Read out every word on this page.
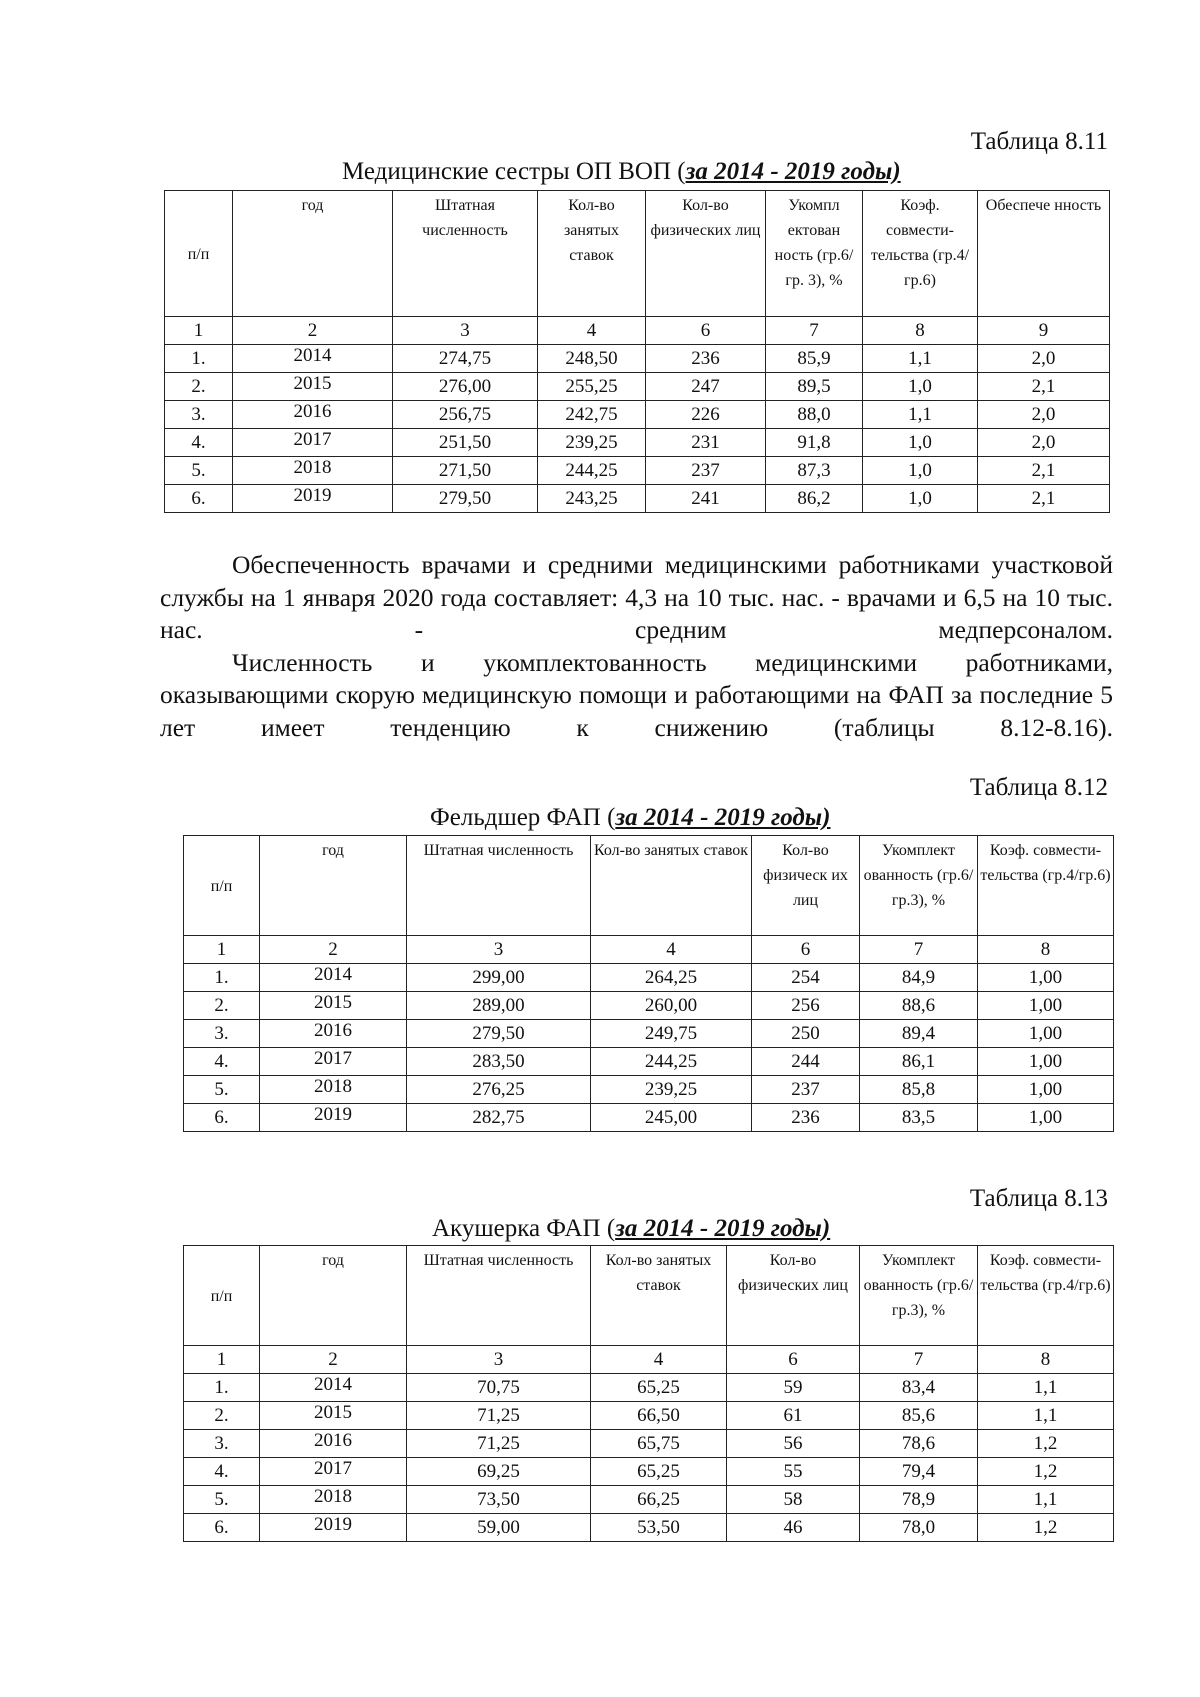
Таблица 8.11
Медицинские сестры ОП ВОП (за 2014 - 2019 годы)
п/п	год	Штатная численность	Кол-во занятых ставок	Кол-во физических лиц	Укомпл ектован ность (гр.6/гр. 3), %	Коэф. совмести-тельства (гр.4/гр.6)	Обеспече нность
1	2	3	4	6	7	8	9
1.	2014	274,75	248,50	236	85,9	1,1	2,0
2.	2015	276,00	255,25	247	89,5	1,0	2,1
3.	2016	256,75	242,75	226	88,0	1,1	2,0
4.	2017	251,50	239,25	231	91,8	1,0	2,0
5.	2018	271,50	244,25	237	87,3	1,0	2,1
6.	2019	279,50	243,25	241	86,2	1,0	2,1

Обеспеченность врачами и средними медицинскими работниками участковой службы на 1 января 2020 года составляет: 4,3 на 10 тыс. нас. - врачами и 6,5 на 10 тыс. нас. - средним медперсоналом.

Численность и укомплектованность медицинскими работниками, оказывающими скорую медицинскую помощи и работающими на ФАП за последние 5 лет имеет тенденцию к снижению (таблицы 8.12-8.16).

Таблица 8.12
Фельдшер ФАП (за 2014 - 2019 годы)
п/п	год	Штатная численность	Кол-во занятых ставок	Кол-во физическ их лиц	Укомплект ованность (гр.6/гр.3), %	Коэф. совмести-тельства (гр.4/гр.6)
1	2	3	4	6	7	8
1.	2014	299,00	264,25	254	84,9	1,00
2.	2015	289,00	260,00	256	88,6	1,00
3.	2016	279,50	249,75	250	89,4	1,00
4.	2017	283,50	244,25	244	86,1	1,00
5.	2018	276,25	239,25	237	85,8	1,00
6.	2019	282,75	245,00	236	83,5	1,00
Таблица 8.13
Акушерка ФАП (за 2014 - 2019 годы)
п/п	год	Штатная численность	Кол-во занятых ставок	Кол-во физических лиц	Укомплект ованность (гр.6/гр.3), %	Коэф. совмести-тельства (гр.4/гр.6)
1	2	3	4	6	7	8
1.	2014	70,75	65,25	59	83,4	1,1
2.	2015	71,25	66,50	61	85,6	1,1
3.	2016	71,25	65,75	56	78,6	1,2
4.	2017	69,25	65,25	55	79,4	1,2
5.	2018	73,50	66,25	58	78,9	1,1
6.	2019	59,00	53,50	46	78,0	1,2
